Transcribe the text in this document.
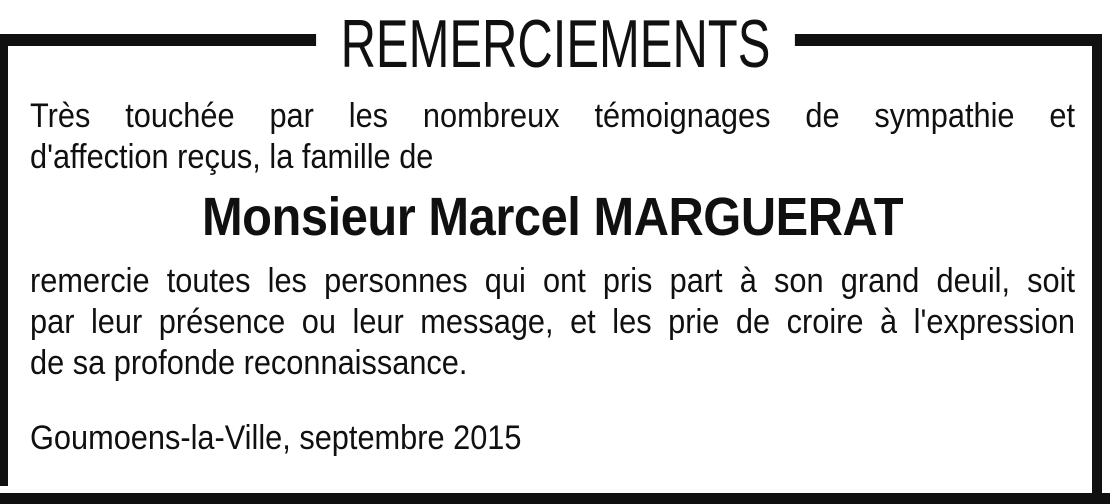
REMERCIEMENTS

Très touchée par les nombreux témoignages de sympathie et
d'affection reçus, la famille de

Monsieur Marcel MARGUERAT

remercie toutes les personnes qui ont pris part à son grand deuil, soit
par leur présence ou leur message, et les prie de croire à l'expression
de sa profonde reconnaissance.

Goumoens-la-Ville, septembre 2015
